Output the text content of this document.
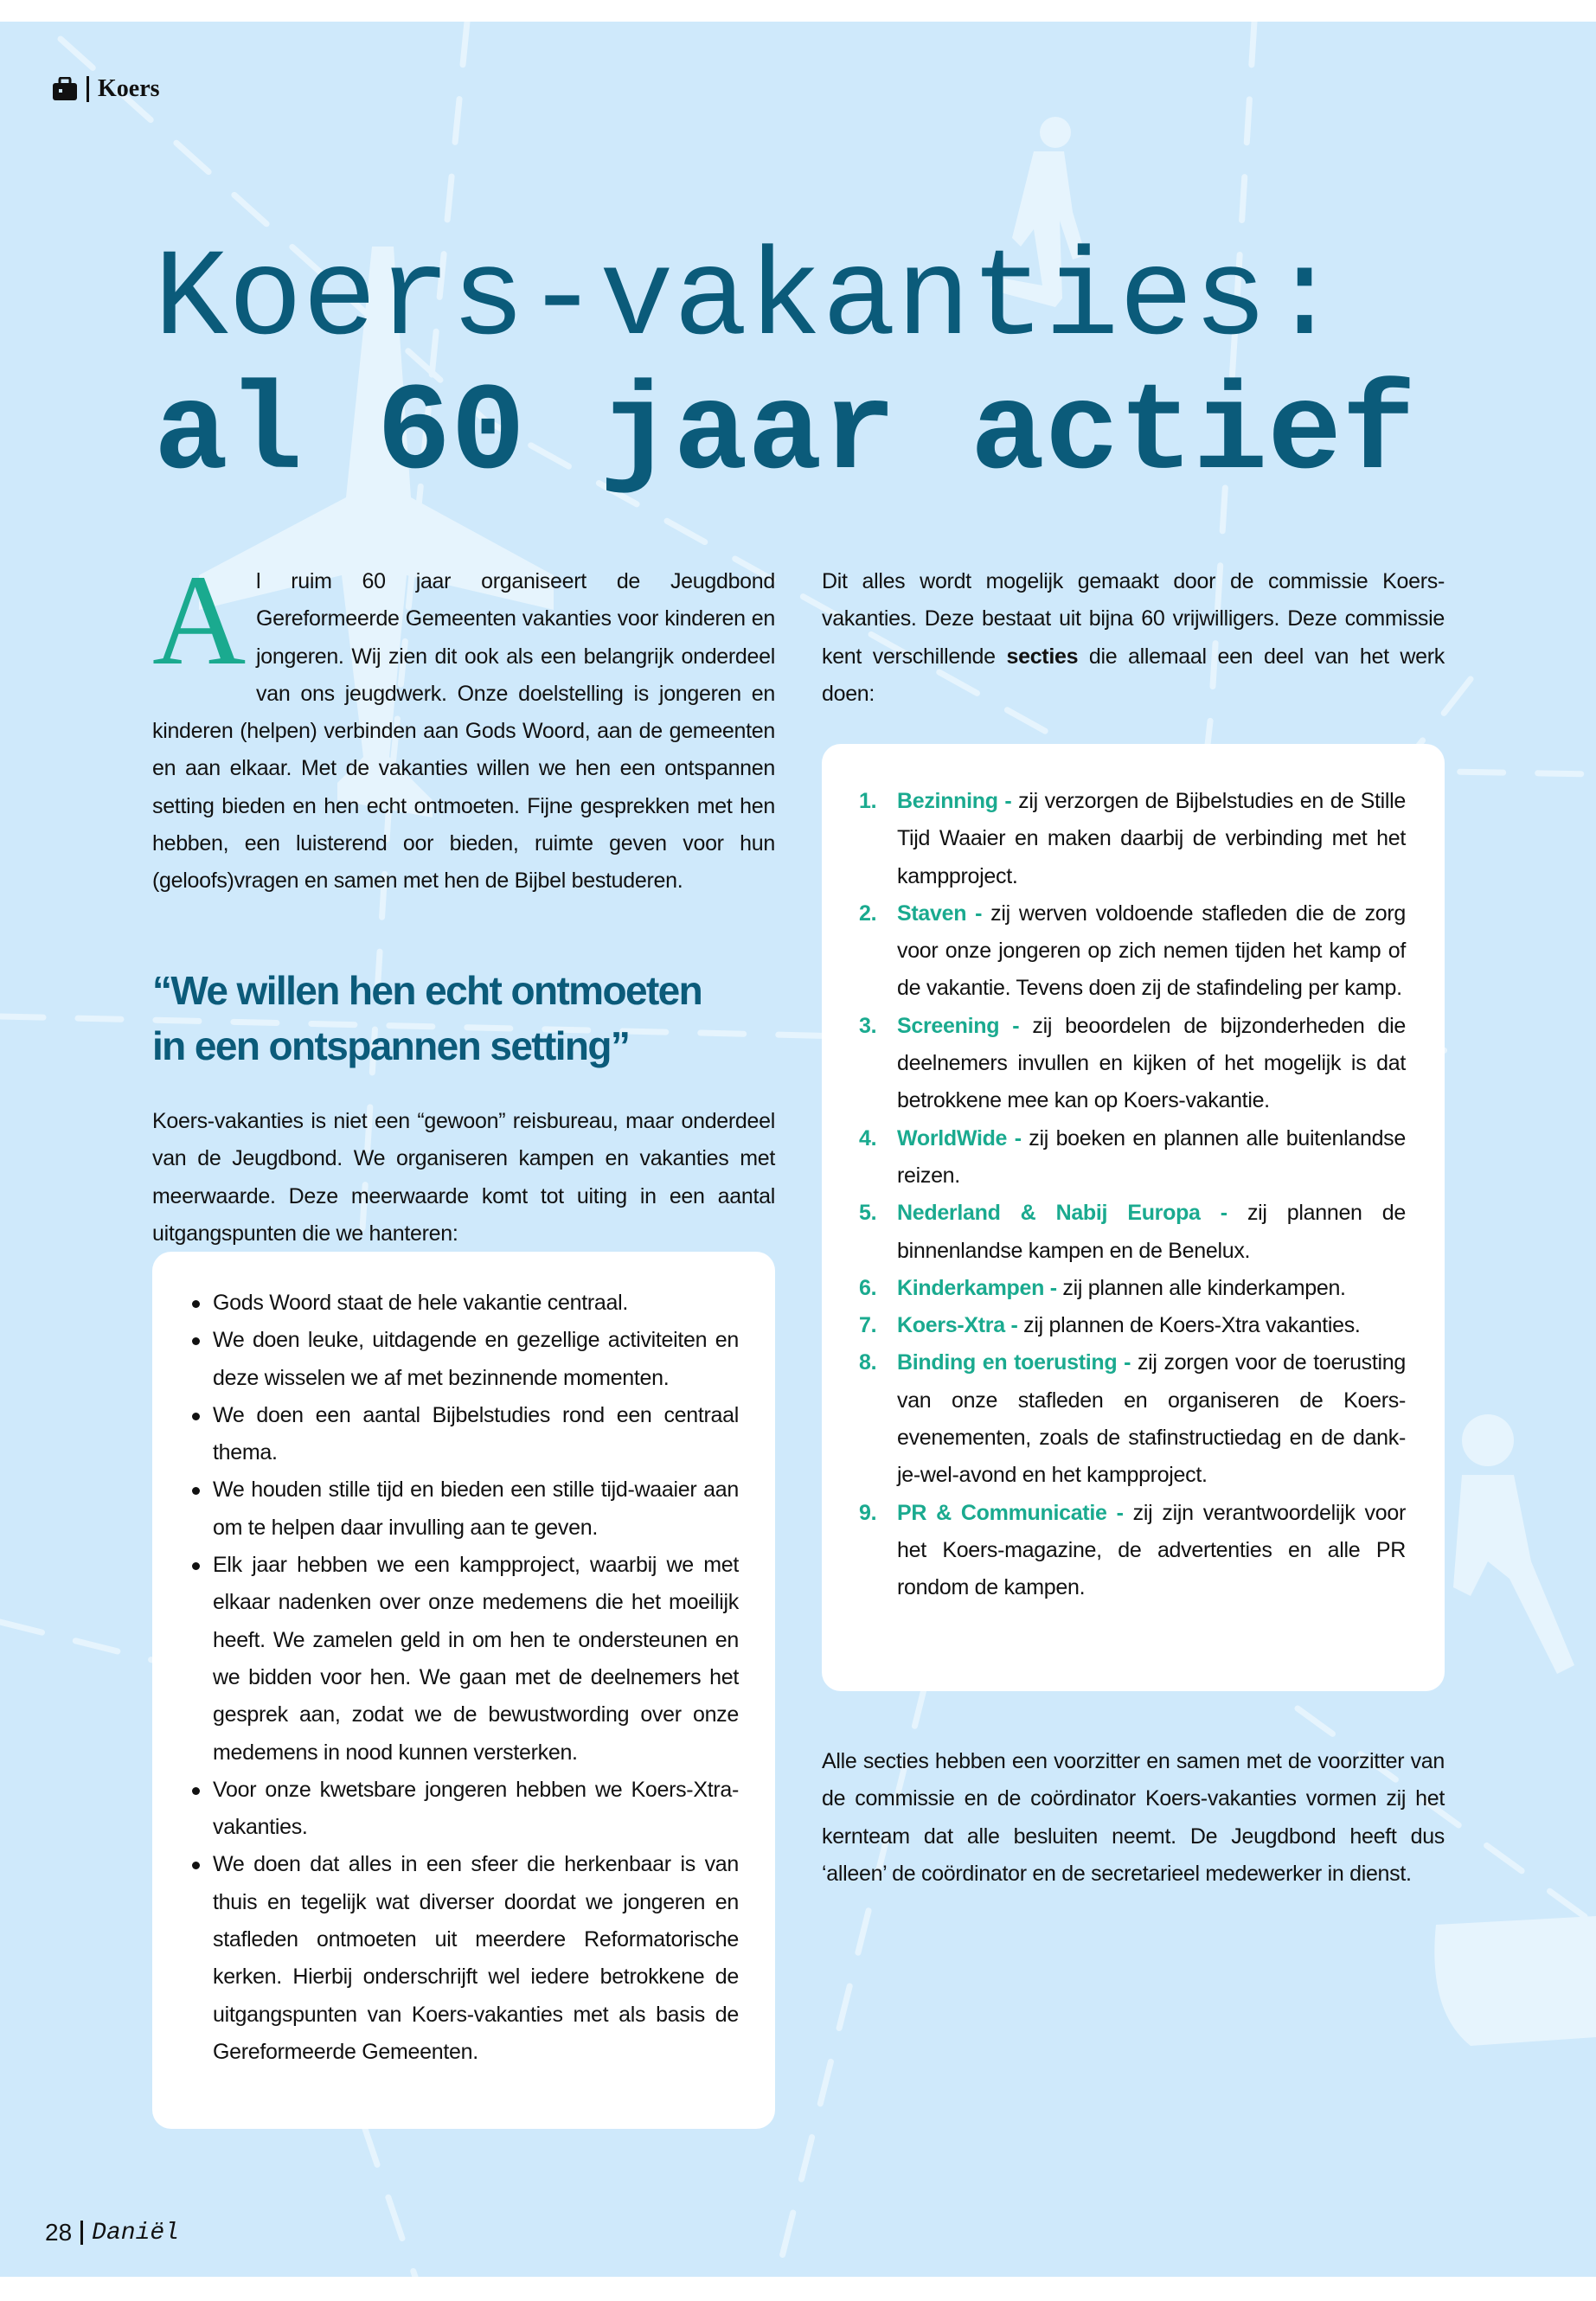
Koers
Koers-vakanties:
al 60 jaar actief
Al ruim 60 jaar organiseert de Jeugdbond Gereformeerde Gemeenten vakanties voor kinderen en jongeren. Wij zien dit ook als een belangrijk onderdeel van ons jeugdwerk. Onze doelstelling is jongeren en kinderen (helpen) verbinden aan Gods Woord, aan de gemeenten en aan elkaar. Met de vakanties willen we hen een ontspannen setting bieden en hen echt ontmoeten. Fijne gesprekken met hen hebben, een luisterend oor bieden, ruimte geven voor hun (geloofs)vragen en samen met hen de Bijbel bestuderen.
“We willen hen echt ontmoeten
in een ontspannen setting”
Koers-vakanties is niet een “gewoon” reisbureau, maar onderdeel van de Jeugdbond. We organiseren kampen en vakanties met meerwaarde. Deze meerwaarde komt tot uiting in een aantal uitgangspunten die we hanteren:
Gods Woord staat de hele vakantie centraal.
We doen leuke, uitdagende en gezellige activiteiten en deze wisselen we af met bezinnende momenten.
We doen een aantal Bijbelstudies rond een centraal thema.
We houden stille tijd en bieden een stille tijd-waaier aan om te helpen daar invulling aan te geven.
Elk jaar hebben we een kampproject, waarbij we met elkaar nadenken over onze medemens die het moeilijk heeft. We zamelen geld in om hen te ondersteunen en we bidden voor hen. We gaan met de deelnemers het gesprek aan, zodat we de bewustwording over onze medemens in nood kunnen versterken.
Voor onze kwetsbare jongeren hebben we Koers-Xtra-vakanties.
We doen dat alles in een sfeer die herkenbaar is van thuis en tegelijk wat diverser doordat we jongeren en stafleden ontmoeten uit meerdere Reformatorische kerken. Hierbij onderschrijft wel iedere betrokkene de uitgangspunten van Koers-vakanties met als basis de Gereformeerde Gemeenten.
Dit alles wordt mogelijk gemaakt door de commissie Koers-vakanties. Deze bestaat uit bijna 60 vrijwilligers. Deze commissie kent verschillende secties die allemaal een deel van het werk doen:
1. Bezinning - zij verzorgen de Bijbelstudies en de Stille Tijd Waaier en maken daarbij de verbinding met het kampproject.
2. Staven - zij werven voldoende stafleden die de zorg voor onze jongeren op zich nemen tijden het kamp of de vakantie. Tevens doen zij de stafindeling per kamp.
3. Screening - zij beoordelen de bijzonderheden die deelnemers invullen en kijken of het mogelijk is dat betrokkene mee kan op Koers-vakantie.
4. WorldWide - zij boeken en plannen alle buitenlandse reizen.
5. Nederland & Nabij Europa - zij plannen de binnenlandse kampen en de Benelux.
6. Kinderkampen - zij plannen alle kinderkampen.
7. Koers-Xtra - zij plannen de Koers-Xtra vakanties.
8. Binding en toerusting - zij zorgen voor de toerusting van onze stafleden en organiseren de Koers-evenementen, zoals de stafinstructiedag en de dank-je-wel-avond en het kampproject.
9. PR & Communicatie - zij zijn verantwoordelijk voor het Koers-magazine, de advertenties en alle PR rondom de kampen.
Alle secties hebben een voorzitter en samen met de voorzitter van de commissie en de coördinator Koers-vakanties vormen zij het kernteam dat alle besluiten neemt. De Jeugdbond heeft dus ‘alleen’ de coördinator en de secretarieel medewerker in dienst.
28 Daniël
